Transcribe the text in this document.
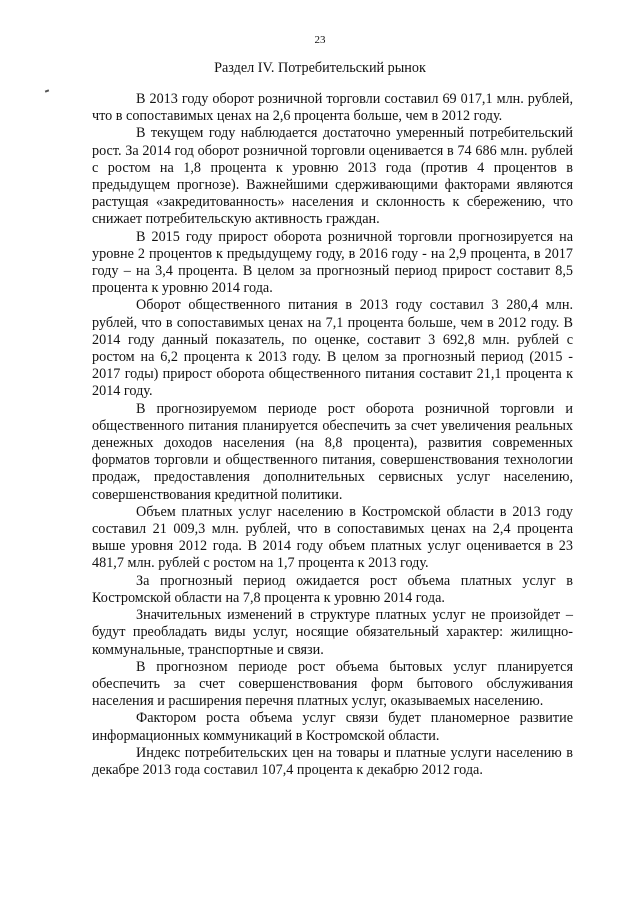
23
Раздел IV. Потребительский рынок

В 2013 году оборот розничной торговли составил 69 017,1 млн. рублей, что в сопоставимых ценах на 2,6 процента больше, чем в 2012 году.

В текущем году наблюдается достаточно умеренный потребительский рост. За 2014 год оборот розничной торговли оценивается в 74 686 млн. рублей с ростом на 1,8 процента к уровню 2013 года (против 4 процентов в предыдущем прогнозе). Важнейшими сдерживающими факторами являются растущая «закредитованность» населения и склонность к сбережению, что снижает потребительскую активность граждан.

В 2015 году прирост оборота розничной торговли прогнозируется на уровне 2 процентов к предыдущему году, в 2016 году - на 2,9 процента, в 2017 году – на 3,4 процента. В целом за прогнозный период прирост составит 8,5 процента к уровню 2014 года.

Оборот общественного питания в 2013 году составил 3 280,4 млн. рублей, что в сопоставимых ценах на 7,1 процента больше, чем в 2012 году. В 2014 году данный показатель, по оценке, составит 3 692,8 млн. рублей с ростом на 6,2 процента к 2013 году. В целом за прогнозный период (2015 - 2017 годы) прирост оборота общественного питания составит 21,1 процента к 2014 году.

В прогнозируемом периоде рост оборота розничной торговли и общественного питания планируется обеспечить за счет увеличения реальных денежных доходов населения (на 8,8 процента), развития современных форматов торговли и общественного питания, совершенствования технологии продаж, предоставления дополнительных сервисных услуг населению, совершенствования кредитной политики.

Объем платных услуг населению в Костромской области в 2013 году составил 21 009,3 млн. рублей, что в сопоставимых ценах на 2,4 процента выше уровня 2012 года. В 2014 году объем платных услуг оценивается в 23 481,7 млн. рублей с ростом на 1,7 процента к 2013 году.

За прогнозный период ожидается рост объема платных услуг в Костромской области на 7,8 процента к уровню 2014 года.

Значительных изменений в структуре платных услуг не произойдет – будут преобладать виды услуг, носящие обязательный характер: жилищно-коммунальные, транспортные и связи.

В прогнозном периоде рост объема бытовых услуг планируется обеспечить за счет совершенствования форм бытового обслуживания населения и расширения перечня платных услуг, оказываемых населению.

Фактором роста объема услуг связи будет планомерное развитие информационных коммуникаций в Костромской области.

Индекс потребительских цен на товары и платные услуги населению в декабре 2013 года составил 107,4 процента к декабрю 2012 года.
